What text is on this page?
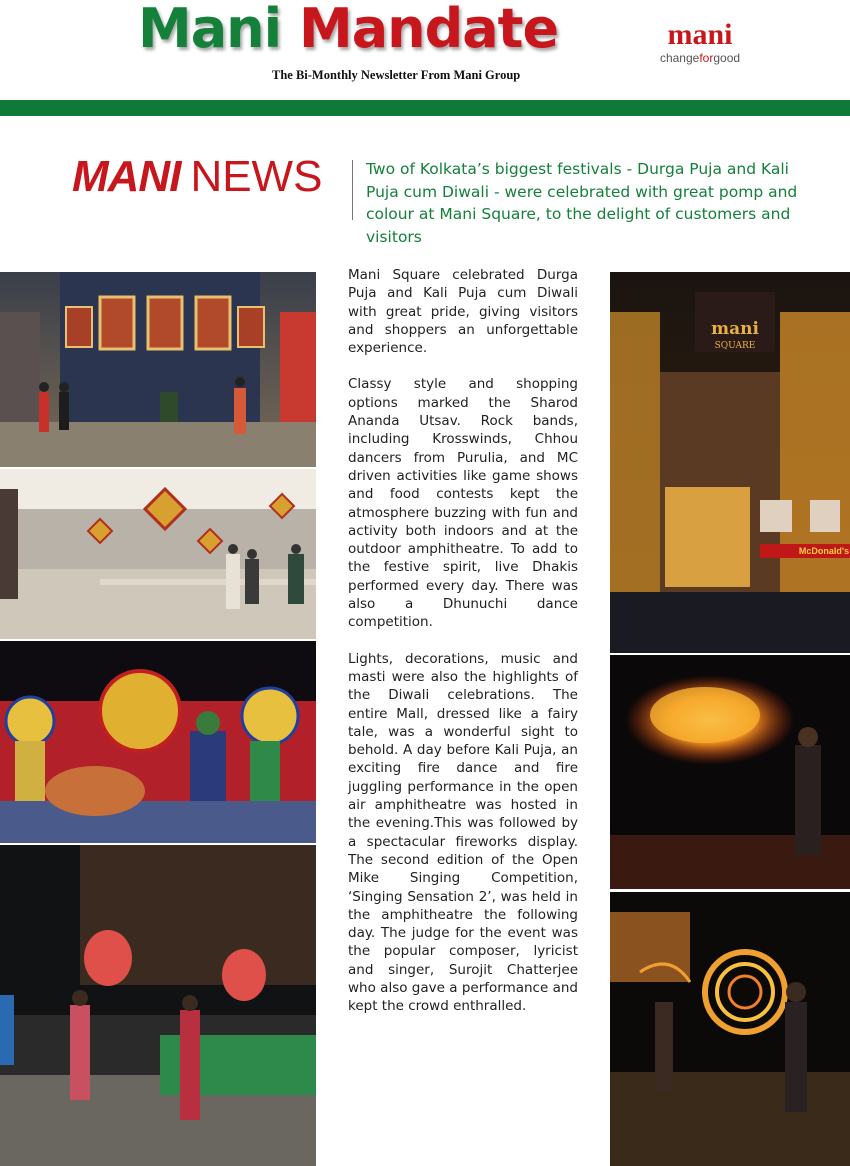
Mani Mandate
The Bi-Monthly Newsletter From Mani Group
mani
changeforgood
MANI NEWS	Two of Kolkata’s biggest festivals - Durga Puja and Kali Puja cum Diwali - were celebrated with great pomp and colour at Mani Square, to the delight of customers and visitors

Mani Square celebrated Durga Puja and Kali Puja cum Diwali with great pride, giving visitors and shoppers an unforgettable experience.

Classy style and shopping options marked the Sharod Ananda Utsav. Rock bands, including Krosswinds, Chhou dancers from Purulia, and MC driven activities like game shows and food contests kept the atmosphere buzzing with fun and activity both indoors and at the outdoor amphitheatre. To add to the festive spirit, live Dhakis performed every day. There was also a Dhunuchi dance competition.

Lights, decorations, music and masti were also the highlights of the Diwali celebrations. The entire Mall, dressed like a fairy tale, was a wonderful sight to behold. A day before Kali Puja, an exciting fire dance and fire juggling performance in the open air amphitheatre was hosted in the evening.This was followed by a spectacular fireworks display. The second edition of the Open Mike Singing Competition, ‘Singing Sensation 2’, was held in the amphitheatre the following day. The judge for the event was the popular composer, lyricist and singer, Surojit Chatterjee who also gave a performance and kept the crowd enthralled.

mani
SQUARE
McDonald's
